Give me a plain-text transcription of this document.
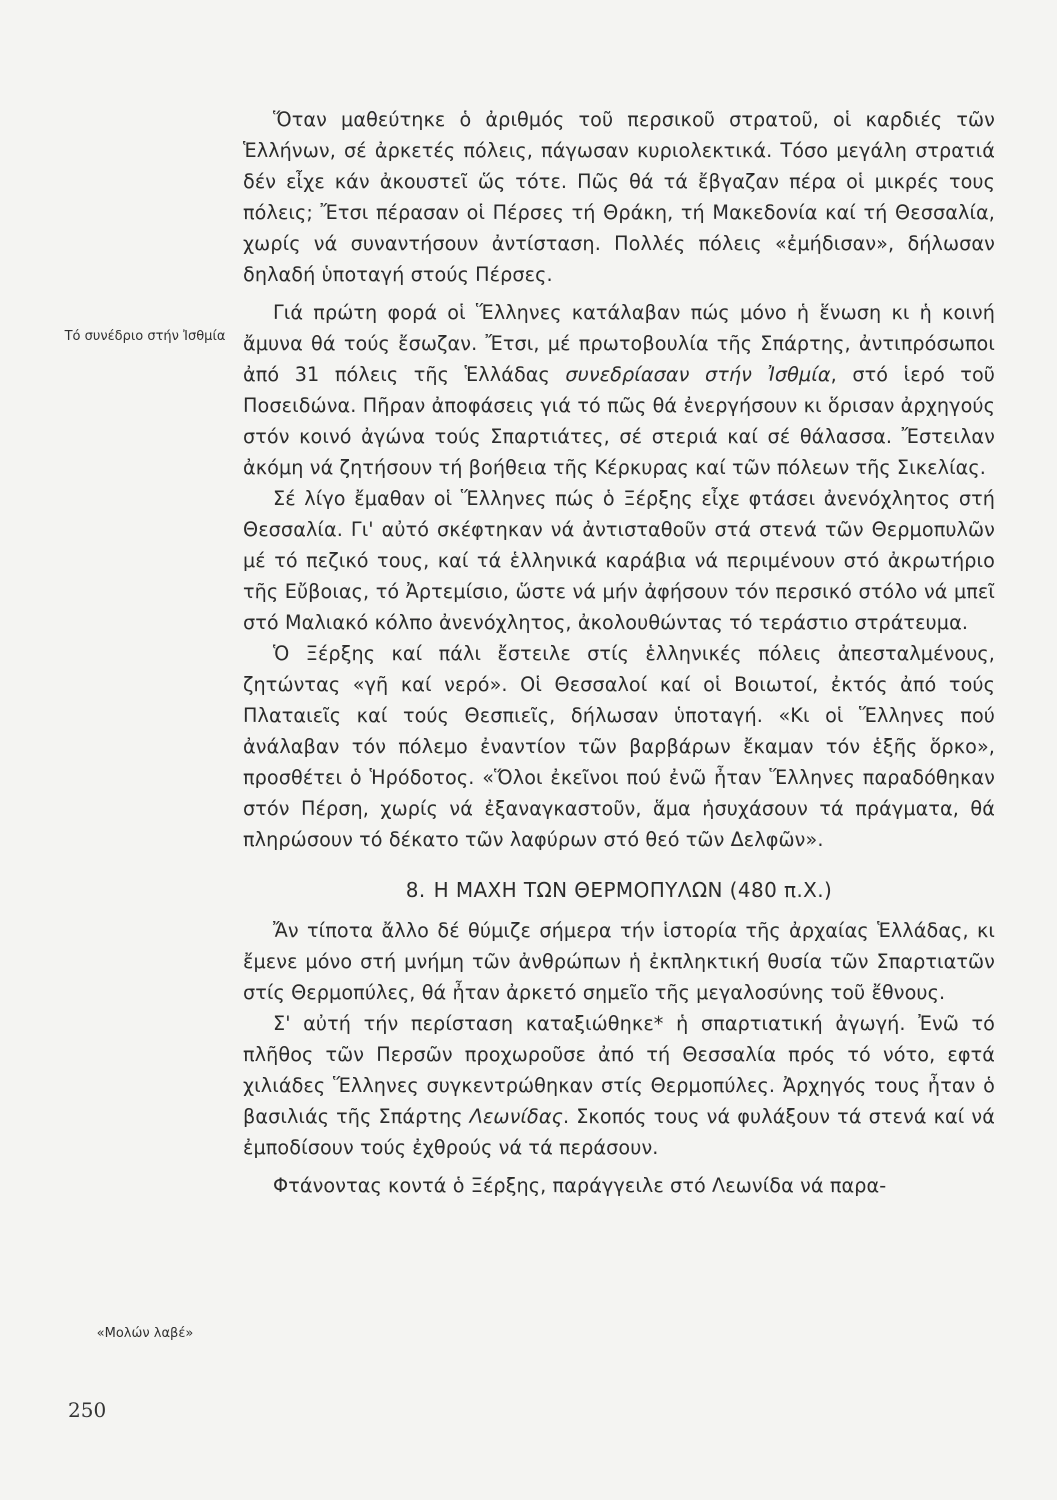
Τό συνέδριο στήν Ἰσθμία
«Μολών λαβέ»

Ὅταν μαθεύτηκε ὁ ἀριθμός τοῦ περσικοῦ στρατοῦ, οἱ καρδιές τῶν Ἑλλήνων, σέ ἀρκετές πόλεις, πάγωσαν κυριολεκτικά. Τόσο μεγάλη στρατιά δέν εἶχε κάν ἀκουστεῖ ὥς τότε. Πῶς θά τά ἔβγαζαν πέρα οἱ μικρές τους πόλεις; Ἔτσι πέρασαν οἱ Πέρσες τή Θράκη, τή Μακεδονία καί τή Θεσσαλία, χωρίς νά συναντήσουν ἀντίσταση. Πολλές πόλεις «ἐμήδισαν», δήλωσαν δηλαδή ὑποταγή στούς Πέρσες.

Γιά πρώτη φορά οἱ Ἕλληνες κατάλαβαν πώς μόνο ἡ ἕνωση κι ἡ κοινή ἄμυνα θά τούς ἔσωζαν. Ἔτσι, μέ πρωτοβουλία τῆς Σπάρτης, ἀντιπρόσωποι ἀπό 31 πόλεις τῆς Ἑλλάδας συνεδρίασαν στήν Ἰσθμία, στό ἱερό τοῦ Ποσειδώνα. Πῆραν ἀποφάσεις γιά τό πῶς θά ἐνεργήσουν κι ὅρισαν ἀρχηγούς στόν κοινό ἀγώνα τούς Σπαρτιάτες, σέ στεριά καί σέ θάλασσα. Ἔστειλαν ἀκόμη νά ζητήσουν τή βοήθεια τῆς Κέρκυρας καί τῶν πόλεων τῆς Σικελίας.

Σέ λίγο ἔμαθαν οἱ Ἕλληνες πώς ὁ Ξέρξης εἶχε φτάσει ἀνενόχλητος στή Θεσσαλία. Γι' αὐτό σκέφτηκαν νά ἀντισταθοῦν στά στενά τῶν Θερμοπυλῶν μέ τό πεζικό τους, καί τά ἑλληνικά καράβια νά περιμένουν στό ἀκρωτήριο τῆς Εὔβοιας, τό Ἀρτεμίσιο, ὥστε νά μήν ἀφήσουν τόν περσικό στόλο νά μπεῖ στό Μαλιακό κόλπο ἀνενόχλητος, ἀκολουθώντας τό τεράστιο στράτευμα.

Ὁ Ξέρξης καί πάλι ἔστειλε στίς ἑλληνικές πόλεις ἀπεσταλμένους, ζητώντας «γῆ καί νερό». Οἱ Θεσσαλοί καί οἱ Βοιωτοί, ἐκτός ἀπό τούς Πλαταιεῖς καί τούς Θεσπιεῖς, δήλωσαν ὑποταγή. «Κι οἱ Ἕλληνες πού ἀνάλαβαν τόν πόλεμο ἐναντίον τῶν βαρβάρων ἔκαμαν τόν ἑξῆς ὅρκο», προσθέτει ὁ Ἡρόδοτος. «Ὅλοι ἐκεῖνοι πού ἐνῶ ἦταν Ἕλληνες παραδόθηκαν στόν Πέρση, χωρίς νά ἐξαναγκαστοῦν, ἅμα ἡσυχάσουν τά πράγματα, θά πληρώσουν τό δέκατο τῶν λαφύρων στό θεό τῶν Δελφῶν».

8. Η ΜΑΧΗ ΤΩΝ ΘΕΡΜΟΠΥΛΩΝ (480 π.Χ.)

Ἄν τίποτα ἄλλο δέ θύμιζε σήμερα τήν ἱστορία τῆς ἀρχαίας Ἑλλάδας, κι ἔμενε μόνο στή μνήμη τῶν ἀνθρώπων ἡ ἐκπληκτική θυσία τῶν Σπαρτιατῶν στίς Θερμοπύλες, θά ἦταν ἀρκετό σημεῖο τῆς μεγαλοσύνης τοῦ ἔθνους.

Σ' αὐτή τήν περίσταση καταξιώθηκε* ἡ σπαρτιατική ἀγωγή. Ἐνῶ τό πλῆθος τῶν Περσῶν προχωροῦσε ἀπό τή Θεσσαλία πρός τό νότο, εφτά χιλιάδες Ἕλληνες συγκεντρώθηκαν στίς Θερμοπύλες. Ἀρχηγός τους ἦταν ὁ βασιλιάς τῆς Σπάρτης Λεωνίδας. Σκοπός τους νά φυλάξουν τά στενά καί νά ἐμποδίσουν τούς ἐχθρούς νά τά περάσουν.

Φτάνοντας κοντά ὁ Ξέρξης, παράγγειλε στό Λεωνίδα νά παρα-

250
